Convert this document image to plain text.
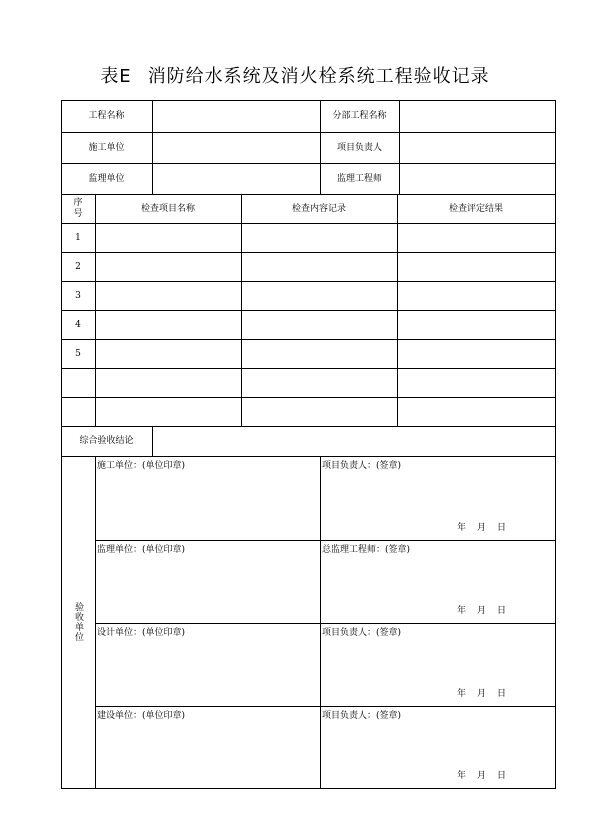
表E 消防给水系统及消火栓系统工程验收记录
工程名称	分部工程名称
施工单位	项目负责人
监理单位	监理工程师
序号	检查项目名称	检查内容记录	检查评定结果
1
2
3
4
5
综合验收结论
验收单位
施工单位：(单位印章)	项目负责人：(签章)
年 月 日
监理单位：(单位印章)	总监理工程师：(签章)
年 月 日
设计单位：(单位印章)	项目负责人：(签章)
年 月 日
建设单位：(单位印章)	项目负责人：(签章)
年 月 日
